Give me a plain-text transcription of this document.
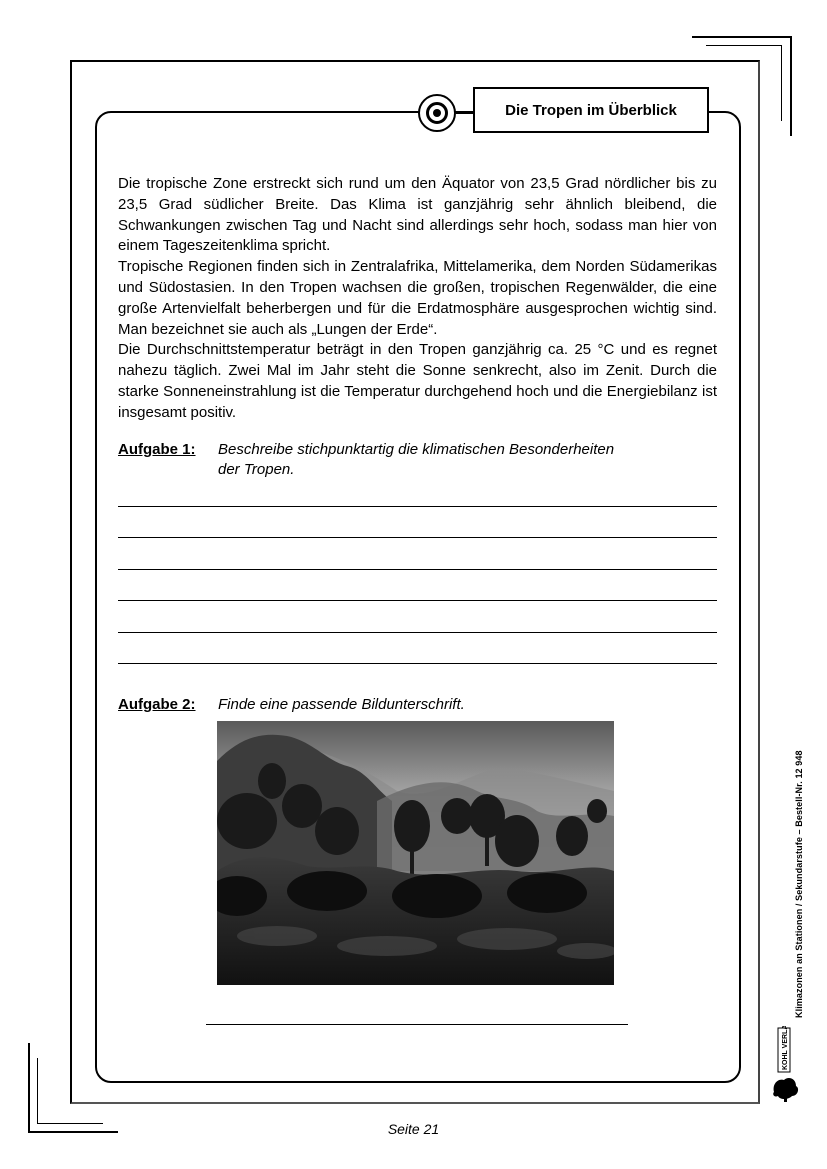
Die Tropen im Überblick

Die tropische Zone erstreckt sich rund um den Äquator von 23,5 Grad nördlicher bis zu 23,5 Grad südlicher Breite. Das Klima ist ganzjährig sehr ähnlich bleibend, die Schwankungen zwischen Tag und Nacht sind allerdings sehr hoch, sodass man hier von einem Tageszeitenklima spricht.

Tropische Regionen finden sich in Zentralafrika, Mittelamerika, dem Norden Südamerikas und Südostasien. In den Tropen wachsen die großen, tropischen Regenwälder, die eine große Artenvielfalt beherbergen und für die Erdatmosphäre ausgesprochen wichtig sind. Man bezeichnet sie auch als „Lungen der Erde“.

Die Durchschnittstemperatur beträgt in den Tropen ganzjährig ca. 25 °C und es regnet nahezu täglich. Zwei Mal im Jahr steht die Sonne senkrecht, also im Zenit. Durch die starke Sonneneinstrahlung ist die Temperatur durchgehend hoch und die Energiebilanz ist insgesamt positiv.

Aufgabe 1: Beschreibe stichpunktartig die klimatischen Besonderheiten
der Tropen.
Aufgabe 2: Finde eine passende Bildunterschrift.
Klimazonen an Stationen / Sekundarstufe – Bestell-Nr. 12 948
KOHL VERLAG
Seite 21
